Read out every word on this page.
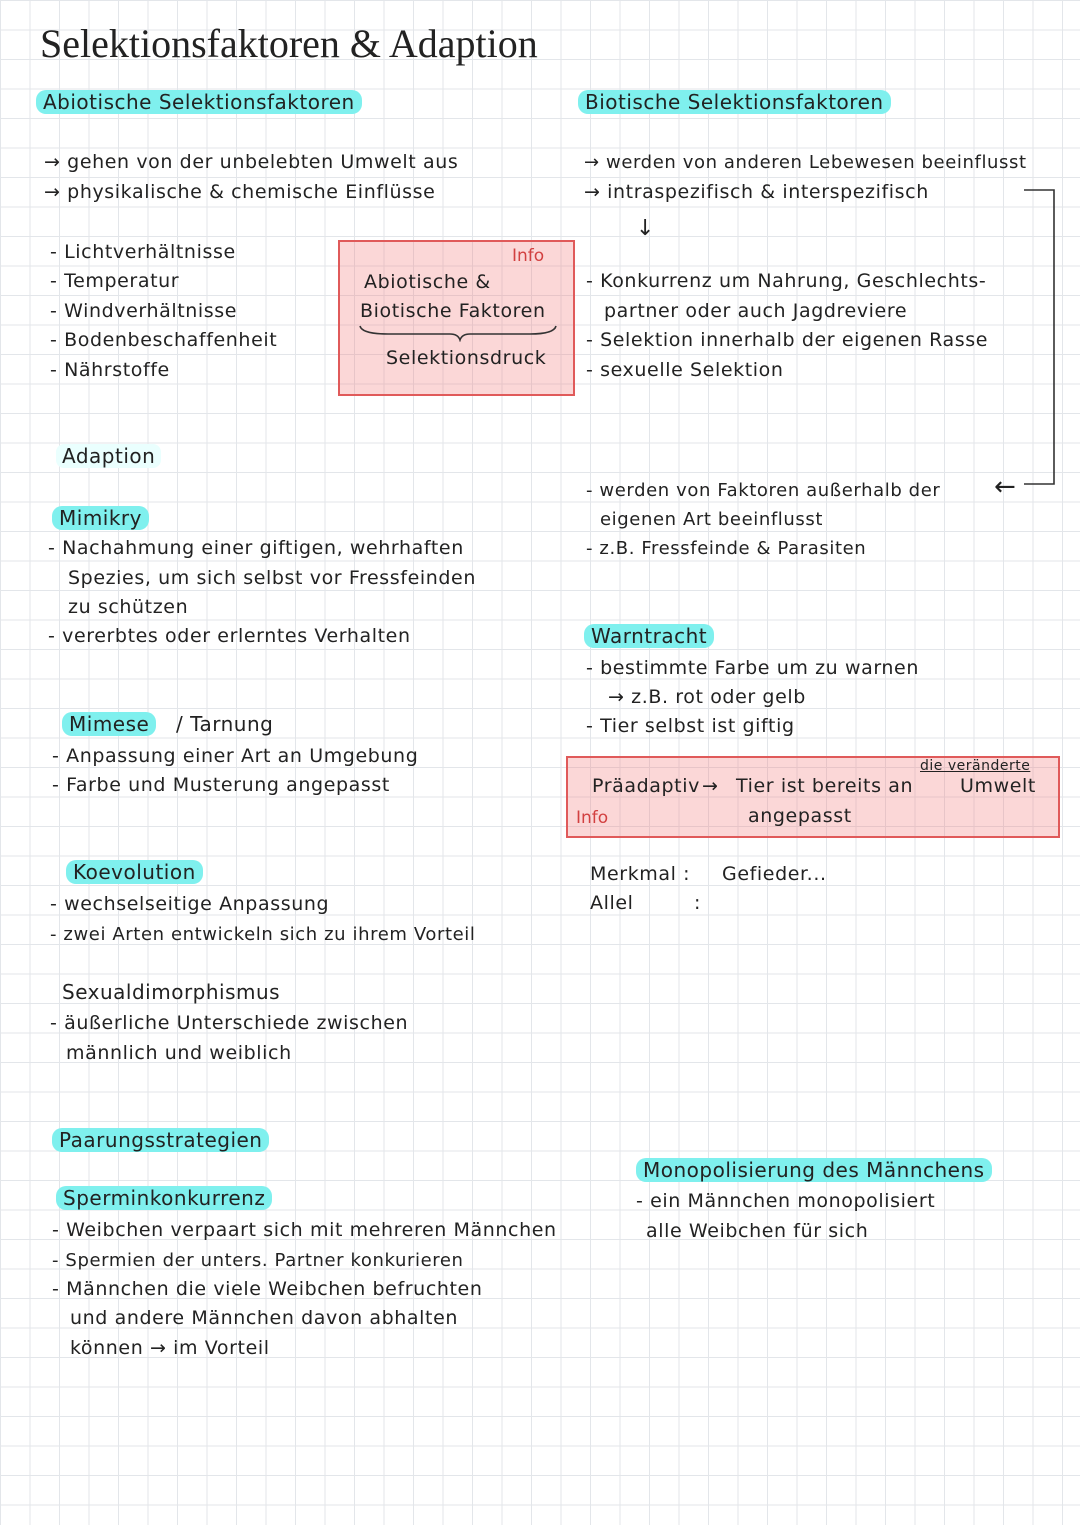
Selektionsfaktoren & Adaption
Abiotische Selektionsfaktoren
→ gehen von der unbelebten Umwelt aus
→ physikalische & chemische Einflüsse
- Lichtverhältnisse
- Temperatur
- Windverhältnisse
- Bodenbeschaffenheit
- Nährstoffe
Info
Abiotische &
Biotische Faktoren
Selektionsdruck
Biotische Selektionsfaktoren
→ werden von anderen Lebewesen beeinflusst
→ intraspezifisch & interspezifisch
↓
- Konkurrenz um Nahrung, Geschlechts-
partner oder auch Jagdreviere
- Selektion innerhalb der eigenen Rasse
- sexuelle Selektion
- werden von Faktoren außerhalb der
eigenen Art beeinflusst
- z.B. Fressfeinde & Parasiten
←
Adaption
Mimikry
- Nachahmung einer giftigen, wehrhaften
Spezies, um sich selbst vor Fressfeinden
zu schützen
- vererbtes oder erlerntes Verhalten	Warntracht
- bestimmte Farbe um zu warnen
→ z.B. rot oder gelb
- Tier selbst ist giftig
Mimese	/ Tarnung
- Anpassung einer Art an Umgebung
- Farbe und Musterung angepasst	Präadaptiv → Tier ist bereits an Umwelt
die veränderte
angepasst
Info
Merkmal : Gefieder...
Allel	:
Koevolution
- wechselseitige Anpassung
- zwei Arten entwickeln sich zu ihrem Vorteil
Sexualdimorphismus
- äußerliche Unterschiede zwischen
männlich und weiblich
Paarungsstrategien
Sperminkonkurrenz
- Weibchen verpaart sich mit mehreren Männchen
- Spermien der unters. Partner konkurieren
- Männchen die viele Weibchen befruchten
und andere Männchen davon abhalten
können → im Vorteil
Monopolisierung des Männchens
- ein Männchen monopolisiert
alle Weibchen für sich
